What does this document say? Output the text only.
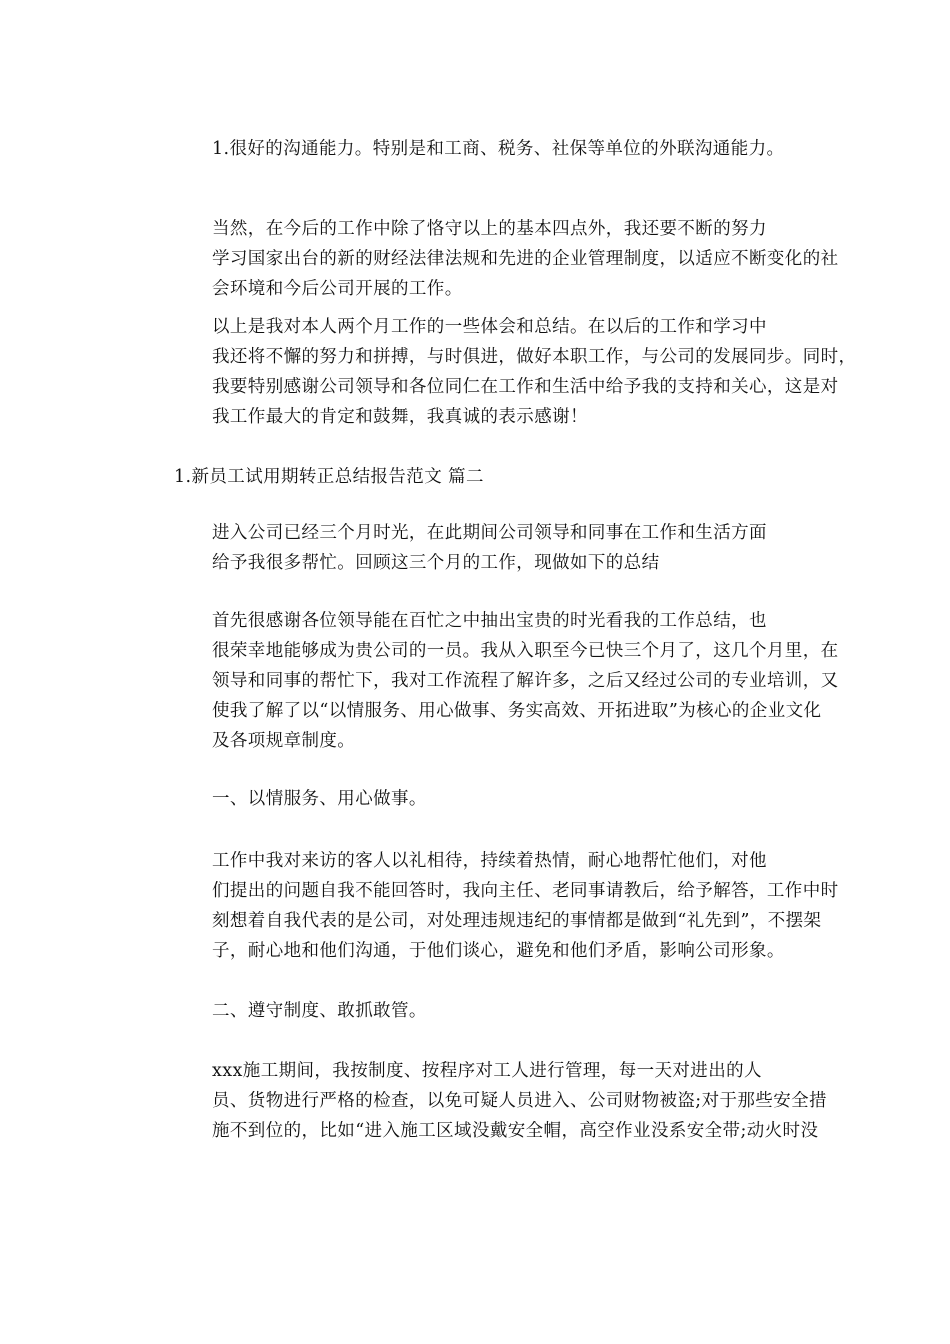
1.很好的沟通能力。特别是和工商、税务、社保等单位的外联沟通能力。
当然，在今后的工作中除了恪守以上的基本四点外，我还要不断的努力
学习国家出台的新的财经法律法规和先进的企业管理制度，以适应不断变化的社
会环境和今后公司开展的工作。
以上是我对本人两个月工作的一些体会和总结。在以后的工作和学习中
我还将不懈的努力和拼搏，与时俱进，做好本职工作，与公司的发展同步。同时，
我要特别感谢公司领导和各位同仁在工作和生活中给予我的支持和关心，这是对
我工作最大的肯定和鼓舞，我真诚的表示感谢！
1.新员工试用期转正总结报告范文 篇二
进入公司已经三个月时光，在此期间公司领导和同事在工作和生活方面
给予我很多帮忙。回顾这三个月的工作，现做如下的总结
首先很感谢各位领导能在百忙之中抽出宝贵的时光看我的工作总结，也
很荣幸地能够成为贵公司的一员。我从入职至今已快三个月了，这几个月里，在
领导和同事的帮忙下，我对工作流程了解许多，之后又经过公司的专业培训，又
使我了解了以“以情服务、用心做事、务实高效、开拓进取”为核心的企业文化
及各项规章制度。
一、以情服务、用心做事。
工作中我对来访的客人以礼相待，持续着热情，耐心地帮忙他们，对他
们提出的问题自我不能回答时，我向主任、老同事请教后，给予解答，工作中时
刻想着自我代表的是公司，对处理违规违纪的事情都是做到“礼先到”，不摆架
子，耐心地和他们沟通，于他们谈心，避免和他们矛盾，影响公司形象。
二、遵守制度、敢抓敢管。
xxx施工期间，我按制度、按程序对工人进行管理，每一天对进出的人
员、货物进行严格的检查，以免可疑人员进入、公司财物被盗;对于那些安全措
施不到位的，比如“进入施工区域没戴安全帽，高空作业没系安全带;动火时没
